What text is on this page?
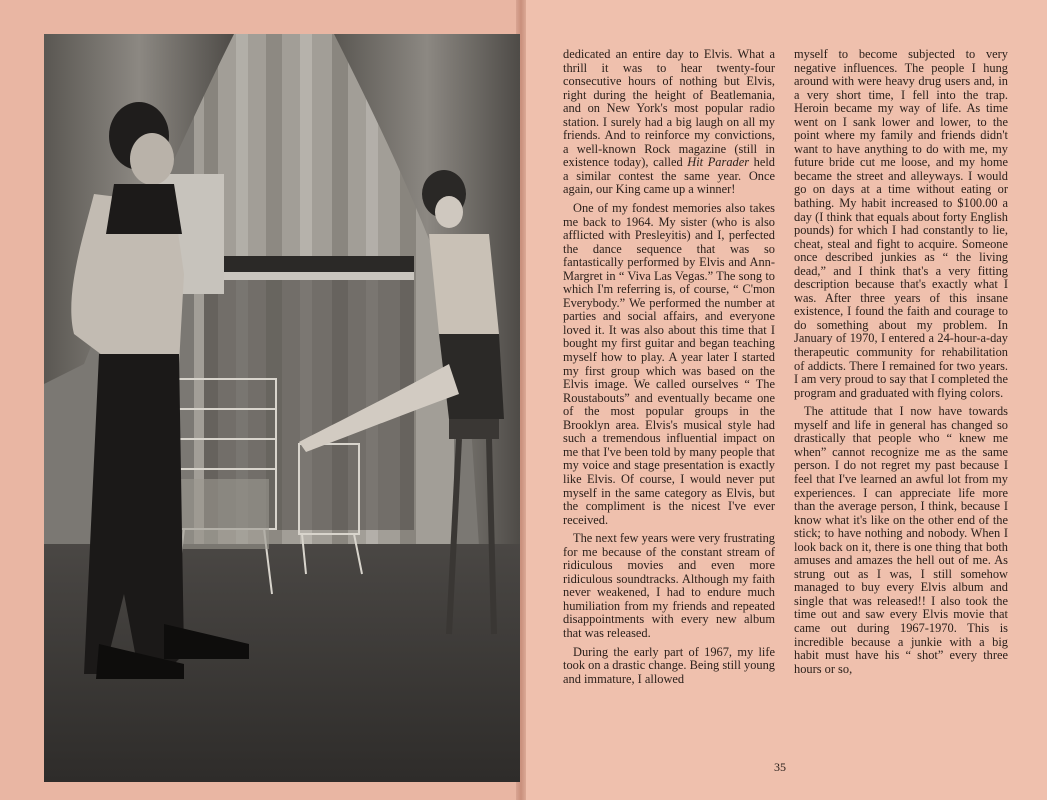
dedicated an entire day to Elvis. What a thrill it was to hear twenty-four consecutive hours of nothing but Elvis, right during the height of Beatlemania, and on New York's most popular radio station. I surely had a big laugh on all my friends. And to reinforce my convictions, a well-known Rock magazine (still in existence today), called Hit Parader held a similar contest the same year. Once again, our King came up a winner!

One of my fondest memories also takes me back to 1964. My sister (who is also afflicted with Presleyitis) and I, perfected the dance sequence that was so fantastically performed by Elvis and Ann-Margret in “ Viva Las Vegas.” The song to which I'm referring is, of course, “ C'mon Everybody.” We performed the number at parties and social affairs, and everyone loved it. It was also about this time that I bought my first guitar and began teaching myself how to play. A year later I started my first group which was based on the Elvis image. We called ourselves “ The Roustabouts” and eventually became one of the most popular groups in the Brooklyn area. Elvis's musical style had such a tremendous influential impact on me that I've been told by many people that my voice and stage presentation is exactly like Elvis. Of course, I would never put myself in the same category as Elvis, but the compliment is the nicest I've ever received.

The next few years were very frustrating for me because of the constant stream of ridiculous movies and even more ridiculous soundtracks. Although my faith never weakened, I had to endure much humiliation from my friends and repeated disappointments with every new album that was released.

During the early part of 1967, my life took on a drastic change. Being still young and immature, I allowed

myself to become subjected to very negative influences. The people I hung around with were heavy drug users and, in a very short time, I fell into the trap. Heroin became my way of life. As time went on I sank lower and lower, to the point where my family and friends didn't want to have anything to do with me, my future bride cut me loose, and my home became the street and alleyways. I would go on days at a time without eating or bathing. My habit increased to $100.00 a day (I think that equals about forty English pounds) for which I had constantly to lie, cheat, steal and fight to acquire. Someone once described junkies as “ the living dead,” and I think that's a very fitting description because that's exactly what I was. After three years of this insane existence, I found the faith and courage to do something about my problem. In January of 1970, I entered a 24-hour-a-day therapeutic community for rehabilitation of addicts. There I remained for two years. I am very proud to say that I completed the program and graduated with flying colors.

The attitude that I now have towards myself and life in general has changed so drastically that people who “ knew me when” cannot recognize me as the same person. I do not regret my past because I feel that I've learned an awful lot from my experiences. I can appreciate life more than the average person, I think, because I know what it's like on the other end of the stick; to have nothing and nobody. When I look back on it, there is one thing that both amuses and amazes the hell out of me. As strung out as I was, I still somehow managed to buy every Elvis album and single that was released!! I also took the time out and saw every Elvis movie that came out during 1967-1970. This is incredible because a junkie with a big habit must have his “ shot” every three hours or so,

35
